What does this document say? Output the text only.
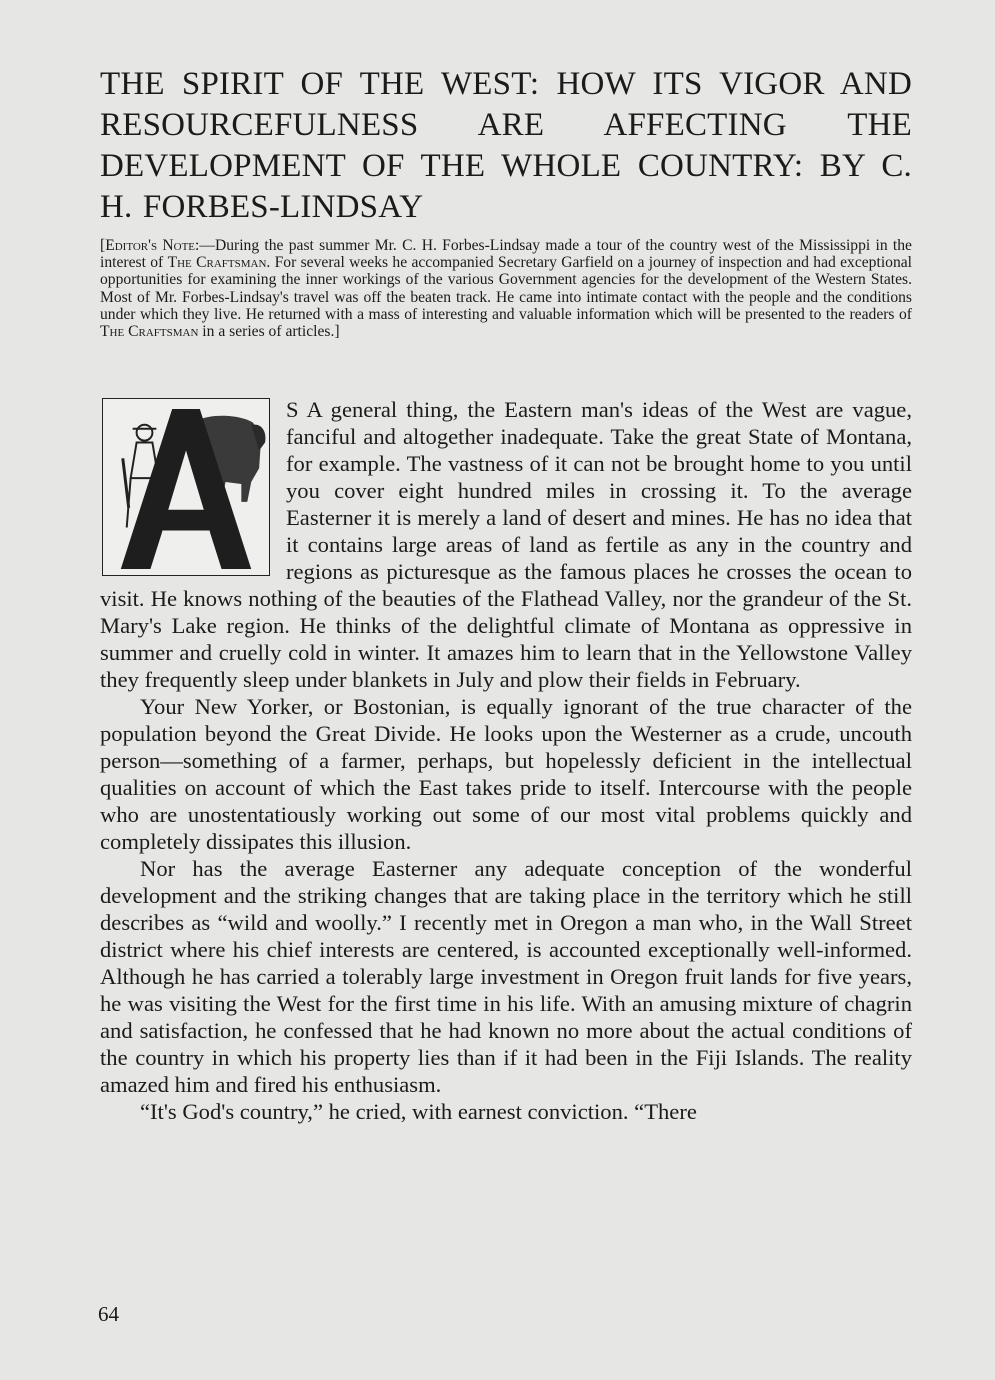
THE SPIRIT OF THE WEST: HOW ITS VIGOR AND RESOURCEFULNESS ARE AFFECTING THE DEVELOPMENT OF THE WHOLE COUNTRY: BY C. H. FORBES-LINDSAY

[Editor's Note:—During the past summer Mr. C. H. Forbes-Lindsay made a tour of the country west of the Mississippi in the interest of The Craftsman. For several weeks he accompanied Secretary Garfield on a journey of inspection and had exceptional opportunities for examining the inner workings of the various Government agencies for the development of the Western States. Most of Mr. Forbes-Lindsay's travel was off the beaten track. He came into intimate contact with the people and the conditions under which they live. He returned with a mass of interesting and valuable information which will be presented to the readers of The Craftsman in a series of articles.]

S A general thing, the Eastern man's ideas of the West are vague, fanciful and altogether inadequate. Take the great State of Montana, for example. The vastness of it can not be brought home to you until you cover eight hundred miles in crossing it. To the average Easterner it is merely a land of desert and mines. He has no idea that it contains large areas of land as fertile as any in the country and regions as picturesque as the famous places he crosses the ocean to visit. He knows nothing of the beauties of the Flathead Valley, nor the grandeur of the St. Mary's Lake region. He thinks of the delightful climate of Montana as oppressive in summer and cruelly cold in winter. It amazes him to learn that in the Yellowstone Valley they frequently sleep under blankets in July and plow their fields in February.

Your New Yorker, or Bostonian, is equally ignorant of the true character of the population beyond the Great Divide. He looks upon the Westerner as a crude, uncouth person—something of a farmer, perhaps, but hopelessly deficient in the intellectual qualities on account of which the East takes pride to itself. Intercourse with the people who are unostentatiously working out some of our most vital problems quickly and completely dissipates this illusion.

Nor has the average Easterner any adequate conception of the wonderful development and the striking changes that are taking place in the territory which he still describes as “wild and woolly.” I recently met in Oregon a man who, in the Wall Street district where his chief interests are centered, is accounted exceptionally well-informed. Although he has carried a tolerably large investment in Oregon fruit lands for five years, he was visiting the West for the first time in his life. With an amusing mixture of chagrin and satisfaction, he confessed that he had known no more about the actual conditions of the country in which his property lies than if it had been in the Fiji Islands. The reality amazed him and fired his enthusiasm.

“It's God's country,” he cried, with earnest conviction. “There

64
